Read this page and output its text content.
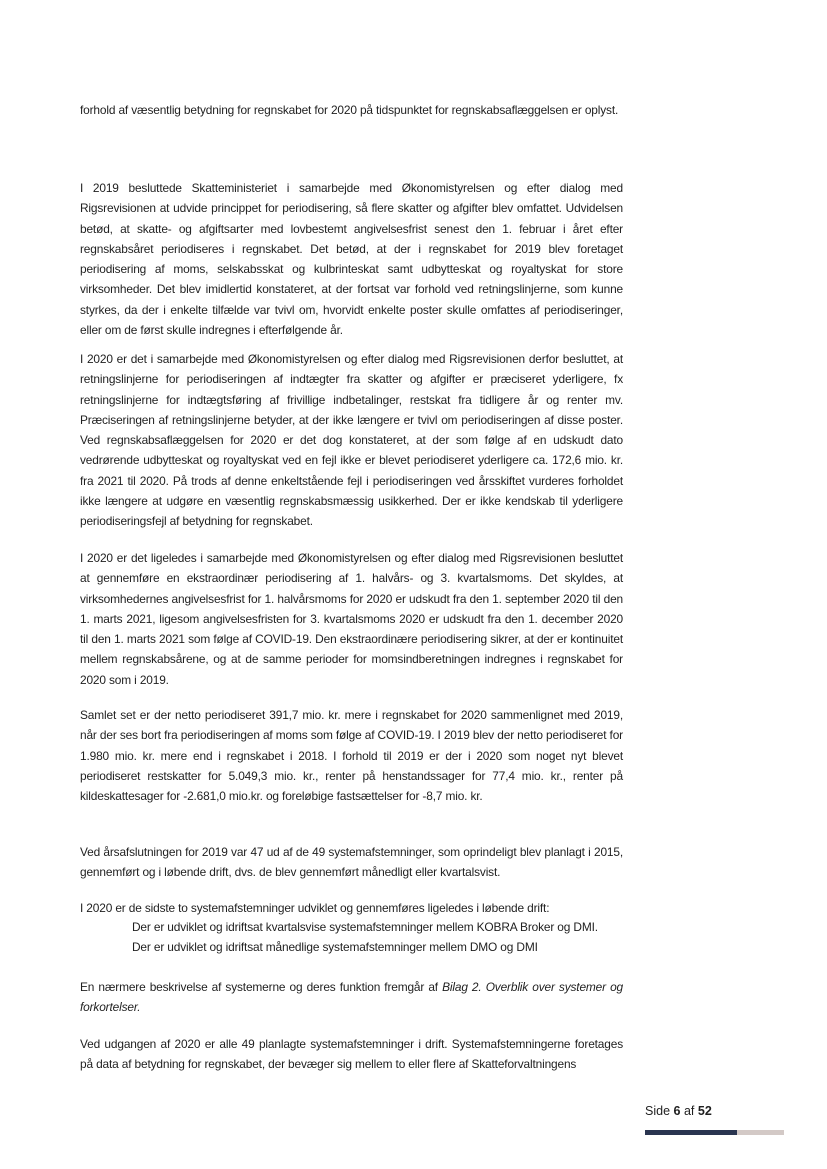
forhold af væsentlig betydning for regnskabet for 2020 på tidspunktet for regnskabsaflæggelsen er oplyst.

I 2019 besluttede Skatteministeriet i samarbejde med Økonomistyrelsen og efter dialog med Rigsrevisionen at udvide princippet for periodisering, så flere skatter og afgifter blev omfattet. Udvidelsen betød, at skatte- og afgiftsarter med lovbestemt angivelsesfrist senest den 1. februar i året efter regnskabsåret periodiseres i regnskabet. Det betød, at der i regnskabet for 2019 blev foretaget periodisering af moms, selskabsskat og kulbrinteskat samt udbytteskat og royaltyskat for store virksomheder. Det blev imidlertid konstateret, at der fortsat var forhold ved retningslinjerne, som kunne styrkes, da der i enkelte tilfælde var tvivl om, hvorvidt enkelte poster skulle omfattes af periodiseringer, eller om de først skulle indregnes i efterfølgende år.

I 2020 er det i samarbejde med Økonomistyrelsen og efter dialog med Rigsrevisionen derfor besluttet, at retningslinjerne for periodiseringen af indtægter fra skatter og afgifter er præciseret yderligere, fx retningslinjerne for indtægtsføring af frivillige indbetalinger, restskat fra tidligere år og renter mv. Præciseringen af retningslinjerne betyder, at der ikke længere er tvivl om periodiseringen af disse poster. Ved regnskabsaflæggelsen for 2020 er det dog konstateret, at der som følge af en udskudt dato vedrørende udbytteskat og royaltyskat ved en fejl ikke er blevet periodiseret yderligere ca. 172,6 mio. kr. fra 2021 til 2020. På trods af denne enkeltstående fejl i periodiseringen ved årsskiftet vurderes forholdet ikke længere at udgøre en væsentlig regnskabsmæssig usikkerhed. Der er ikke kendskab til yderligere periodiseringsfejl af betydning for regnskabet.

I 2020 er det ligeledes i samarbejde med Økonomistyrelsen og efter dialog med Rigsrevisionen besluttet at gennemføre en ekstraordinær periodisering af 1. halvårs- og 3. kvartalsmoms. Det skyldes, at virksomhedernes angivelsesfrist for 1. halvårsmoms for 2020 er udskudt fra den 1. september 2020 til den 1. marts 2021, ligesom angivelsesfristen for 3. kvartalsmoms 2020 er udskudt fra den 1. december 2020 til den 1. marts 2021 som følge af COVID-19. Den ekstraordinære periodisering sikrer, at der er kontinuitet mellem regnskabsårene, og at de samme perioder for momsindberetningen indregnes i regnskabet for 2020 som i 2019.

Samlet set er der netto periodiseret 391,7 mio. kr. mere i regnskabet for 2020 sammenlignet med 2019, når der ses bort fra periodiseringen af moms som følge af COVID-19. I 2019 blev der netto periodiseret for 1.980 mio. kr. mere end i regnskabet i 2018. I forhold til 2019 er der i 2020 som noget nyt blevet periodiseret restskatter for 5.049,3 mio. kr., renter på henstandssager for 77,4 mio. kr., renter på kildeskattesager for -2.681,0 mio.kr. og foreløbige fastsættelser for -8,7 mio. kr.

Ved årsafslutningen for 2019 var 47 ud af de 49 systemafstemninger, som oprindeligt blev planlagt i 2015, gennemført og i løbende drift, dvs. de blev gennemført månedligt eller kvartalsvist.

I 2020 er de sidste to systemafstemninger udviklet og gennemføres ligeledes i løbende drift:

Der er udviklet og idriftsat kvartalsvise systemafstemninger mellem KOBRA Broker og DMI.
Der er udviklet og idriftsat månedlige systemafstemninger mellem DMO og DMI

En nærmere beskrivelse af systemerne og deres funktion fremgår af Bilag 2. Overblik over systemer og forkortelser.

Ved udgangen af 2020 er alle 49 planlagte systemafstemninger i drift. Systemafstemningerne foretages på data af betydning for regnskabet, der bevæger sig mellem to eller flere af Skatteforvaltningens

Side 6 af 52
